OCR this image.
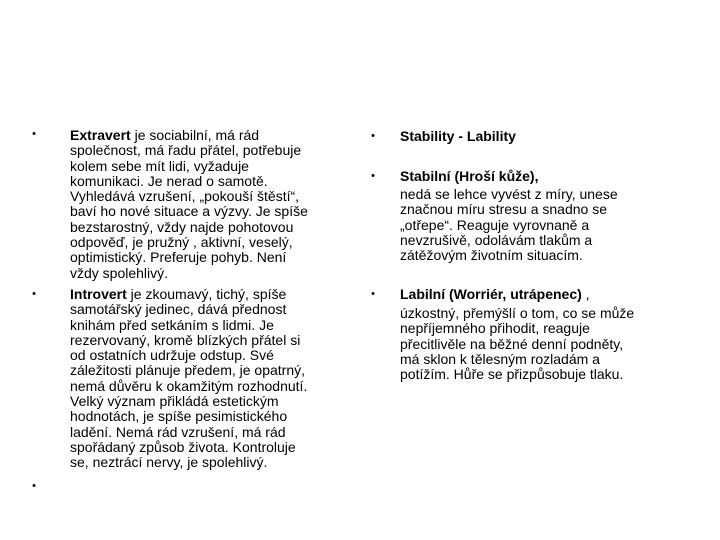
•	Extravert je sociabilní, má rád
společnost, má řadu přátel, potřebuje
kolem sebe mít lidi, vyžaduje
komunikaci. Je nerad o samotě.
Vyhledává vzrušení, „pokouší štěstí“,
baví ho nové situace a výzvy. Je spíše
bezstarostný, vždy najde pohotovou
odpověď, je pružný , aktivní, veselý,
optimistický. Preferuje pohyb. Není
vždy spolehlivý.
•	Introvert je zkoumavý, tichý, spíše
samotářský jedinec, dává přednost
knihám před setkáním s lidmi. Je
rezervovaný, kromě blízkých přátel si
od ostatních udržuje odstup. Své
záležitosti plánuje předem, je opatrný,
nemá důvěru k okamžitým rozhodnutí.
Velký význam přikládá estetickým
hodnotách, je spíše pesimistického
ladění. Nemá rád vzrušení, má rád
spořádaný způsob života. Kontroluje
se, neztrácí nervy, je spolehlivý.
•
•	Stability - Lability
•	Stabilní (Hroší kůže),
nedá se lehce vyvést z míry, unese
značnou míru stresu a snadno se
„otřepe“. Reaguje vyrovnaně a
nevzrušivě, odolávám tlakům a
zátěžovým životním situacím.
•	Labilní (Worriér, utrápenec) ,
úzkostný, přemýšlí o tom, co se může
nepříjemného přihodit, reaguje
přecitlivěle na běžné denní podněty,
má sklon k tělesným rozladám a
potížím. Hůře se přizpůsobuje tlaku.
